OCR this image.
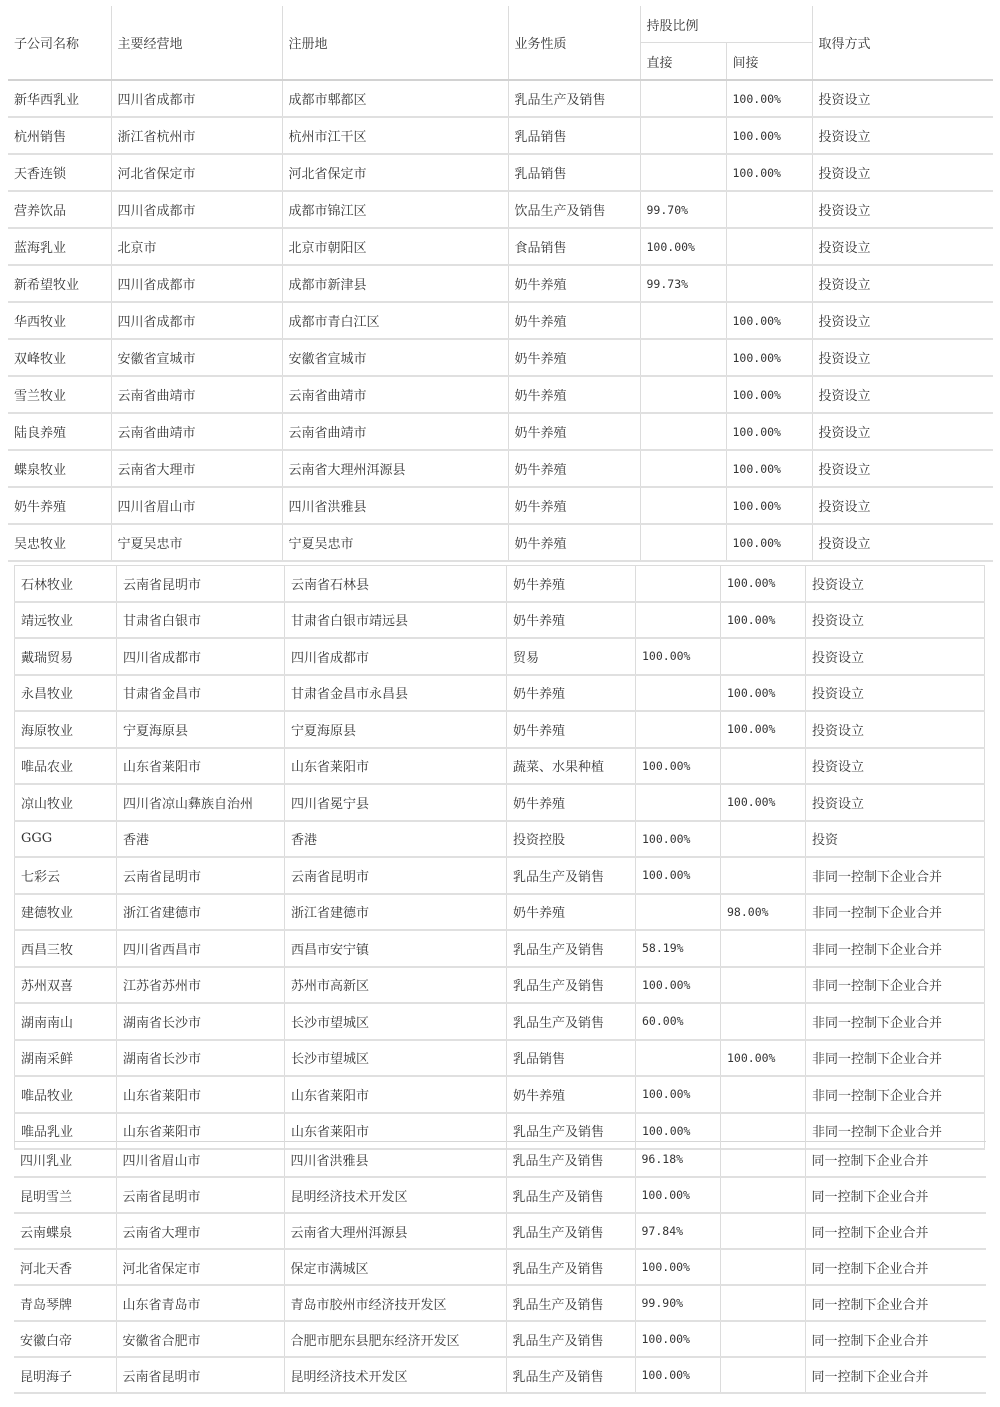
子公司名称	主要经营地	注册地	业务性质	持股比例		取得方式
				直接	间接	
新华西乳业	四川省成都市	成都市郫都区	乳品生产及销售		100.00%	投资设立
杭州销售	浙江省杭州市	杭州市江干区	乳品销售		100.00%	投资设立
天香连锁	河北省保定市	河北省保定市	乳品销售		100.00%	投资设立
营养饮品	四川省成都市	成都市锦江区	饮品生产及销售	99.70%		投资设立
蓝海乳业	北京市	北京市朝阳区	食品销售	100.00%		投资设立
新希望牧业	四川省成都市	成都市新津县	奶牛养殖	99.73%		投资设立
华西牧业	四川省成都市	成都市青白江区	奶牛养殖		100.00%	投资设立
双峰牧业	安徽省宣城市	安徽省宣城市	奶牛养殖		100.00%	投资设立
雪兰牧业	云南省曲靖市	云南省曲靖市	奶牛养殖		100.00%	投资设立
陆良养殖	云南省曲靖市	云南省曲靖市	奶牛养殖		100.00%	投资设立
蝶泉牧业	云南省大理市	云南省大理州洱源县	奶牛养殖		100.00%	投资设立
奶牛养殖	四川省眉山市	四川省洪雅县	奶牛养殖		100.00%	投资设立
吴忠牧业	宁夏吴忠市	宁夏吴忠市	奶牛养殖		100.00%	投资设立
石林牧业	云南省昆明市	云南省石林县	奶牛养殖		100.00%	投资设立
靖远牧业	甘肃省白银市	甘肃省白银市靖远县	奶牛养殖		100.00%	投资设立
戴瑞贸易	四川省成都市	四川省成都市	贸易	100.00%		投资设立
永昌牧业	甘肃省金昌市	甘肃省金昌市永昌县	奶牛养殖		100.00%	投资设立
海原牧业	宁夏海原县	宁夏海原县	奶牛养殖		100.00%	投资设立
唯品农业	山东省莱阳市	山东省莱阳市	蔬菜、水果种植	100.00%		投资设立
凉山牧业	四川省凉山彝族自治州	四川省冕宁县	奶牛养殖		100.00%	投资设立
GGG	香港	香港	投资控股	100.00%		投资
七彩云	云南省昆明市	云南省昆明市	乳品生产及销售	100.00%		非同一控制下企业合并
建德牧业	浙江省建德市	浙江省建德市	奶牛养殖		98.00%	非同一控制下企业合并
西昌三牧	四川省西昌市	西昌市安宁镇	乳品生产及销售	58.19%		非同一控制下企业合并
苏州双喜	江苏省苏州市	苏州市高新区	乳品生产及销售	100.00%		非同一控制下企业合并
湖南南山	湖南省长沙市	长沙市望城区	乳品生产及销售	60.00%		非同一控制下企业合并
湖南采鲜	湖南省长沙市	长沙市望城区	乳品销售		100.00%	非同一控制下企业合并
唯品牧业	山东省莱阳市	山东省莱阳市	奶牛养殖	100.00%		非同一控制下企业合并
唯品乳业	山东省莱阳市	山东省莱阳市	乳品生产及销售	100.00%		非同一控制下企业合并
四川乳业	四川省眉山市	四川省洪雅县	乳品生产及销售	96.18%		同一控制下企业合并
昆明雪兰	云南省昆明市	昆明经济技术开发区	乳品生产及销售	100.00%		同一控制下企业合并
云南蝶泉	云南省大理市	云南省大理州洱源县	乳品生产及销售	97.84%		同一控制下企业合并
河北天香	河北省保定市	保定市满城区	乳品生产及销售	100.00%		同一控制下企业合并
青岛琴牌	山东省青岛市	青岛市胶州市经济技开发区	乳品生产及销售	99.90%		同一控制下企业合并
安徽白帝	安徽省合肥市	合肥市肥东县肥东经济开发区	乳品生产及销售	100.00%		同一控制下企业合并
昆明海子	云南省昆明市	昆明经济技术开发区	乳品生产及销售	100.00%		同一控制下企业合并
